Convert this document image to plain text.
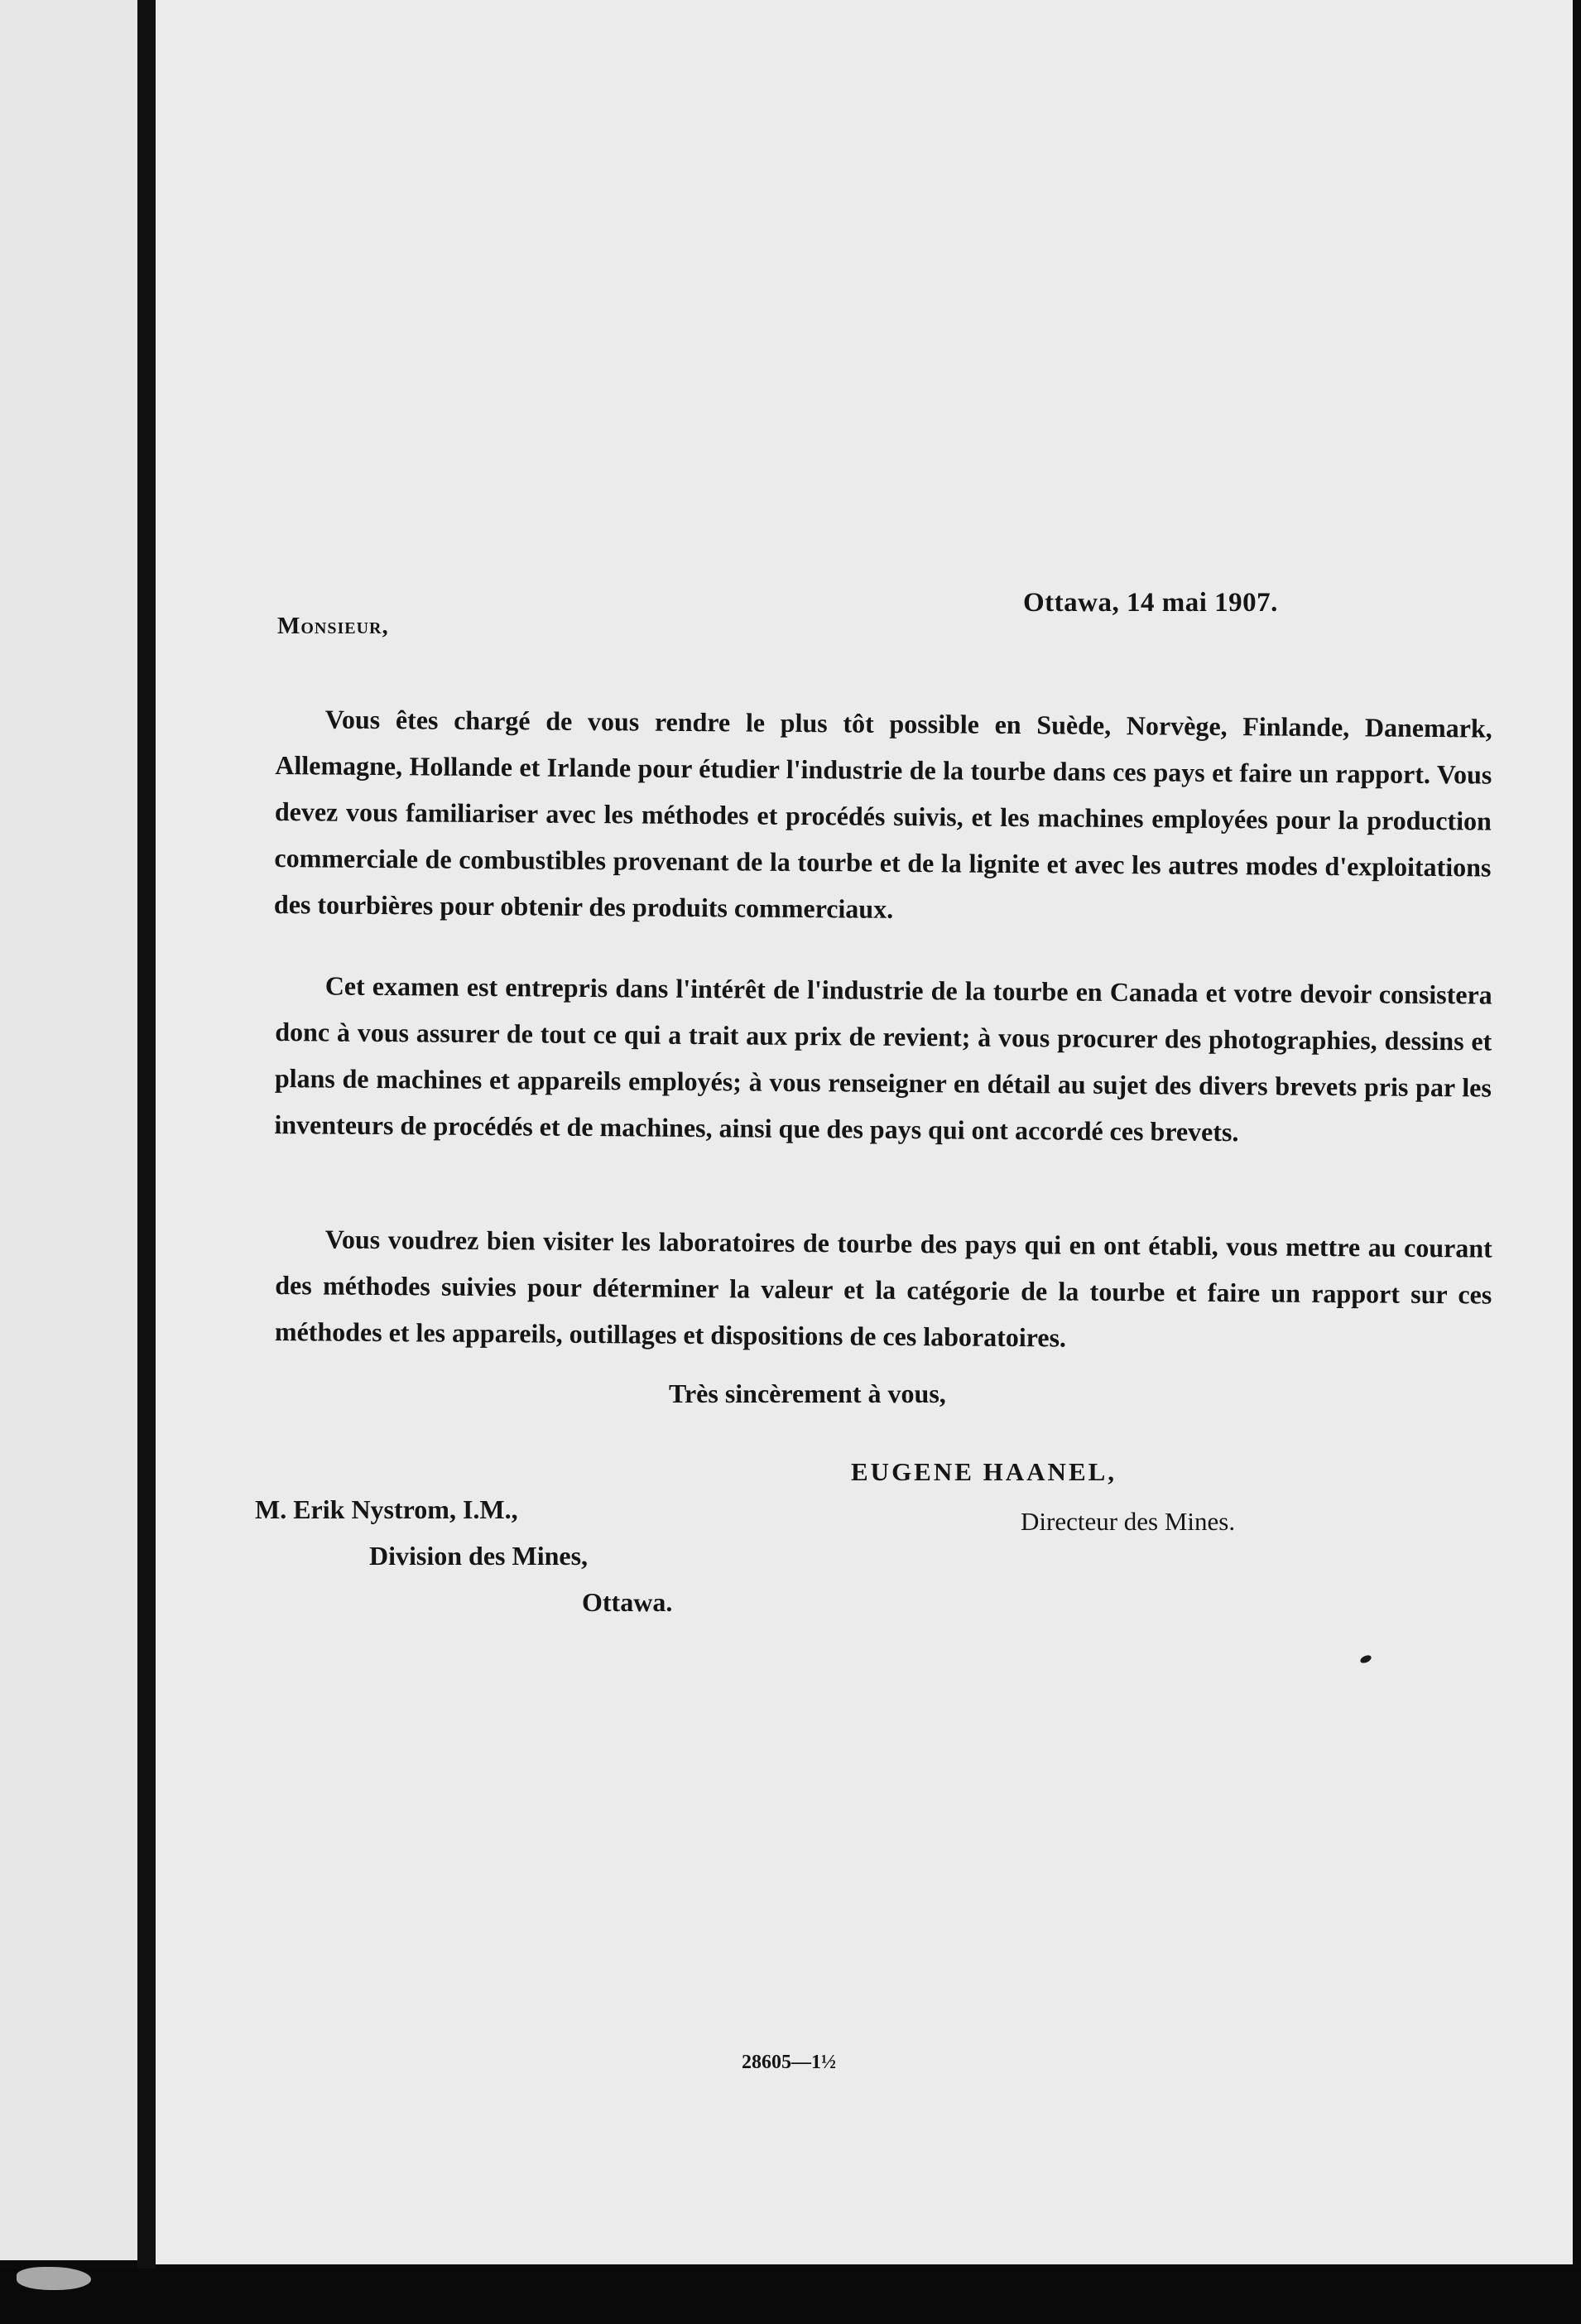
Ottawa, 14 mai 1907.
Monsieur,

Vous êtes chargé de vous rendre le plus tôt possible en Suède, Norvège, Finlande, Danemark, Allemagne, Hollande et Irlande pour étudier l'industrie de la tourbe dans ces pays et faire un rapport. Vous devez vous familiariser avec les méthodes et procédés suivis, et les machines employées pour la production commerciale de combustibles provenant de la tourbe et de la lignite et avec les autres modes d'exploitations des tourbières pour obtenir des produits commerciaux.

Cet examen est entrepris dans l'intérêt de l'industrie de la tourbe en Canada et votre devoir consistera donc à vous assurer de tout ce qui a trait aux prix de revient; à vous procurer des photographies, dessins et plans de machines et appareils employés; à vous renseigner en détail au sujet des divers brevets pris par les inventeurs de procédés et de machines, ainsi que des pays qui ont accordé ces brevets.

Vous voudrez bien visiter les laboratoires de tourbe des pays qui en ont établi, vous mettre au courant des méthodes suivies pour déterminer la valeur et la catégorie de la tourbe et faire un rapport sur ces méthodes et les appareils, outillages et dispositions de ces laboratoires.

Très sincèrement à vous,
EUGENE HAANEL,
Directeur des Mines.
M. Erik Nystrom, I.M.,
Division des Mines,
Ottawa.
28605—1½
